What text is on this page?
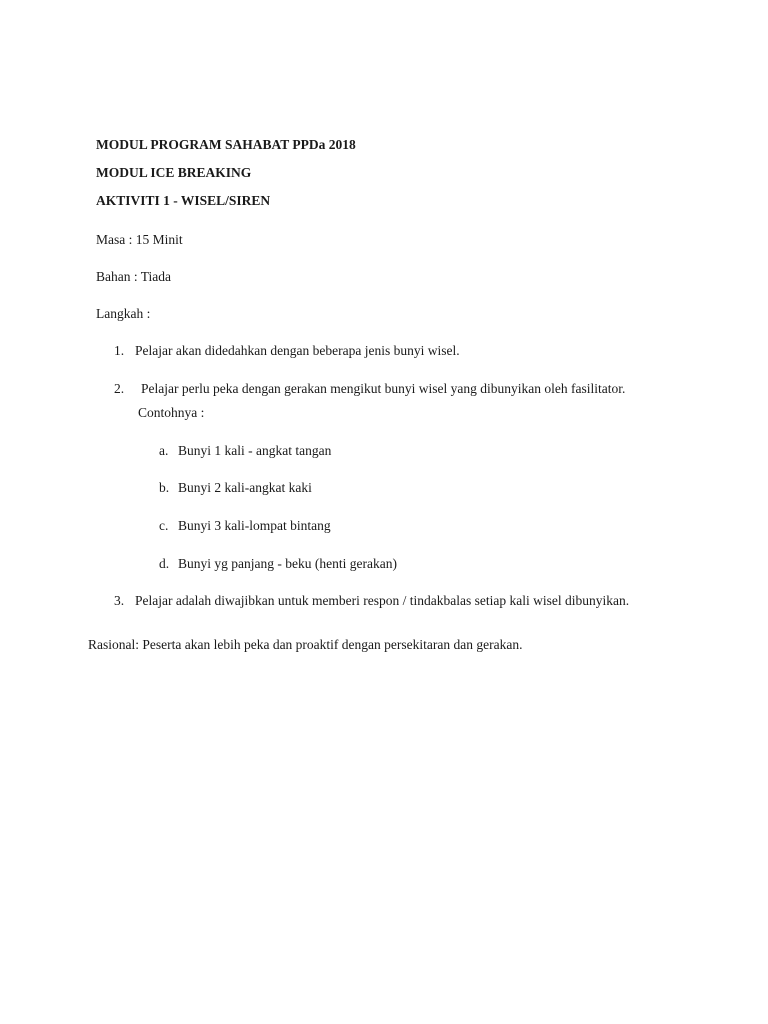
MODUL PROGRAM SAHABAT PPDa 2018
MODUL ICE BREAKING
AKTIVITI 1 - WISEL/SIREN
Masa : 15 Minit
Bahan : Tiada
Langkah :
1. Pelajar akan didedahkan dengan beberapa jenis bunyi wisel.
2. Pelajar perlu peka dengan gerakan mengikut bunyi wisel yang dibunyikan oleh fasilitator.
Contohnya :
a. Bunyi 1 kali - angkat tangan
b. Bunyi 2 kali-angkat kaki
c. Bunyi 3 kali-lompat bintang
d. Bunyi yg panjang - beku (henti gerakan)
3. Pelajar adalah diwajibkan untuk memberi respon / tindakbalas setiap kali wisel dibunyikan.
Rasional: Peserta akan lebih peka dan proaktif dengan persekitaran dan gerakan.
